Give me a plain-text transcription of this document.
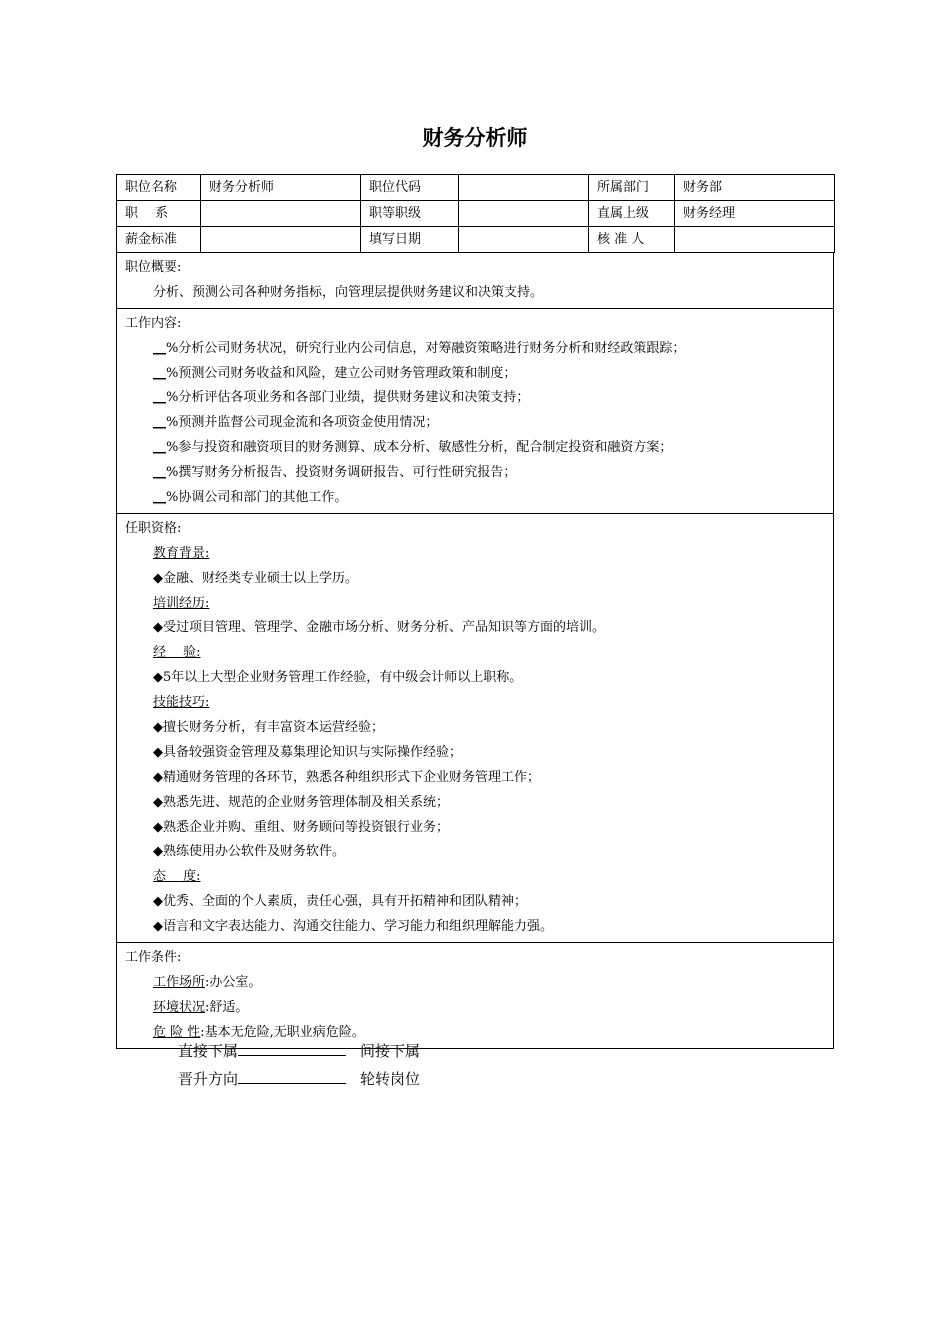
财务分析师
职位名称	财务分析师	职位代码		所属部门	财务部
职　 系		职等职级		直属上级	财务经理
薪金标准		填写日期		核 准 人	
职位概要:
分析、预测公司各种财务指标，向管理层提供财务建议和决策支持。
工作内容:
__%分析公司财务状况，研究行业内公司信息，对筹融资策略进行财务分析和财经政策跟踪；
__%预测公司财务收益和风险，建立公司财务管理政策和制度；
__%分析评估各项业务和各部门业绩，提供财务建议和决策支持；
__%预测并监督公司现金流和各项资金使用情况；
__%参与投资和融资项目的财务测算、成本分析、敏感性分析，配合制定投资和融资方案；
__%撰写财务分析报告、投资财务调研报告、可行性研究报告；
__%协调公司和部门的其他工作。
任职资格:
教育背景:
◆金融、财经类专业硕士以上学历。
培训经历:
◆受过项目管理、管理学、金融市场分析、财务分析、产品知识等方面的培训。
经　 验:
◆5年以上大型企业财务管理工作经验，有中级会计师以上职称。
技能技巧:
◆擅长财务分析，有丰富资本运营经验；
◆具备较强资金管理及募集理论知识与实际操作经验；
◆精通财务管理的各环节，熟悉各种组织形式下企业财务管理工作；
◆熟悉先进、规范的企业财务管理体制及相关系统；
◆熟悉企业并购、重组、财务顾问等投资银行业务；
◆熟练使用办公软件及财务软件。
态　 度:
◆优秀、全面的个人素质，责任心强，具有开拓精神和团队精神；
◆语言和文字表达能力、沟通交往能力、学习能力和组织理解能力强。
工作条件:
工作场所:办公室。
环境状况:舒适。
危 险 性:基本无危险,无职业病危险。
直接下属	间接下属
晋升方向	轮转岗位
